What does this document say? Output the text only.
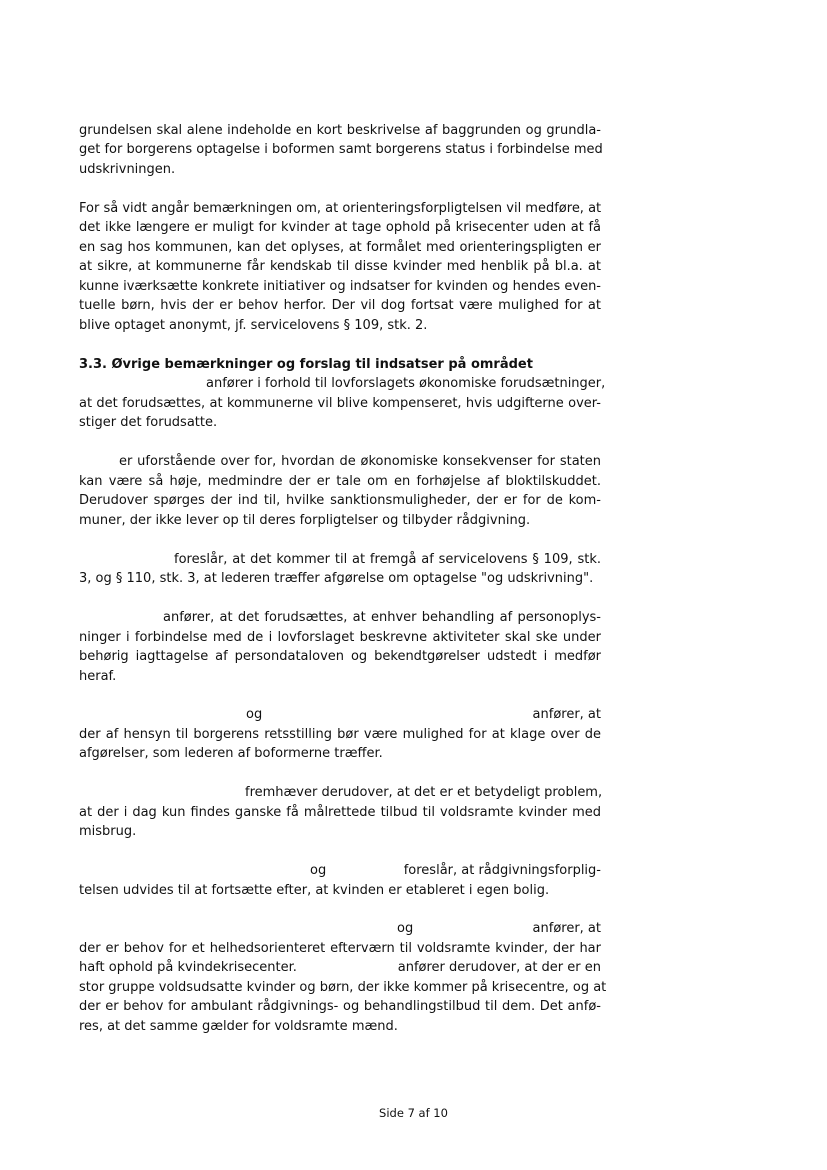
grundelsen skal alene indeholde en kort beskrivelse af baggrunden og grundla-
get for borgerens optagelse i boformen samt borgerens status i forbindelse med
udskrivningen.
For så vidt angår bemærkningen om, at orienteringsforpligtelsen vil medføre, at
det ikke længere er muligt for kvinder at tage ophold på krisecenter uden at få
en sag hos kommunen, kan det oplyses, at formålet med orienteringspligten er
at sikre, at kommunerne får kendskab til disse kvinder med henblik på bl.a. at
kunne iværksætte konkrete initiativer og indsatser for kvinden og hendes even-
tuelle børn, hvis der er behov herfor. Der vil dog fortsat være mulighed for at
blive optaget anonymt, jf. servicelovens § 109, stk. 2.
3.3. Øvrige bemærkninger og forslag til indsatser på området
anfører i forhold til lovforslagets økonomiske forudsætninger,
at det forudsættes, at kommunerne vil blive kompenseret, hvis udgifterne over-
stiger det forudsatte.
er uforstående over for, hvordan de økonomiske konsekvenser for staten
kan være så høje, medmindre der er tale om en forhøjelse af bloktilskuddet.
Derudover spørges der ind til, hvilke sanktionsmuligheder, der er for de kom-
muner, der ikke lever op til deres forpligtelser og tilbyder rådgivning.
foreslår, at det kommer til at fremgå af servicelovens § 109, stk.
3, og § 110, stk. 3, at lederen træffer afgørelse om optagelse "og udskrivning".
anfører, at det forudsættes, at enhver behandling af personoplys-
ninger i forbindelse med de i lovforslaget beskrevne aktiviteter skal ske under
behørig iagttagelse af persondataloven og bekendtgørelser udstedt i medfør
heraf.
og	anfører, at
der af hensyn til borgerens retsstilling bør være mulighed for at klage over de
afgørelser, som lederen af boformerne træffer.
fremhæver derudover, at det er et betydeligt problem,
at der i dag kun findes ganske få målrettede tilbud til voldsramte kvinder med
misbrug.
og	foreslår, at rådgivningsforplig-
telsen udvides til at fortsætte efter, at kvinden er etableret i egen bolig.
og	anfører, at
der er behov for et helhedsorienteret efterværn til voldsramte kvinder, der har
haft ophold på kvindekrisecenter.	anfører derudover, at der er en
stor gruppe voldsudsatte kvinder og børn, der ikke kommer på krisecentre, og at
der er behov for ambulant rådgivnings- og behandlingstilbud til dem. Det anfø-
res, at det samme gælder for voldsramte mænd.
Side 7 af 10
